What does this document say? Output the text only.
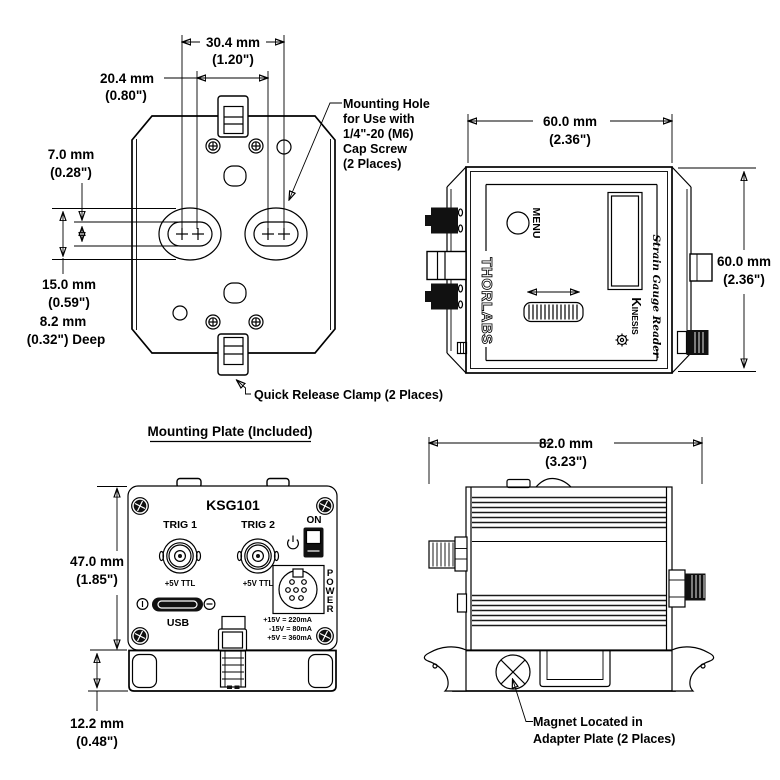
30.4 mm
(1.20")
20.4 mm
(0.80")
7.0 mm
(0.28")
15.0 mm
(0.59")
8.2 mm
(0.32") Deep
Mounting Hole
for Use with
1/4"-20 (M6)
Cap Screw
(2 Places)
Quick Release Clamp (2 Places)
Mounting Plate (Included)
MENU
THORLABS	Strain Gauge Reader
KINESIS
60.0 mm
(2.36")
60.0 mm
(2.36")
KSG101
TRIG 1	TRIG 2
+5V TTL	+5V TTL
ON
P
O
W
E
R
USB	+15V = 220mA
-15V = 80mA
+5V = 360mA
47.0 mm
(1.85")
12.2 mm
(0.48")
82.0 mm
(3.23")
Magnet Located in
Adapter Plate (2 Places)
